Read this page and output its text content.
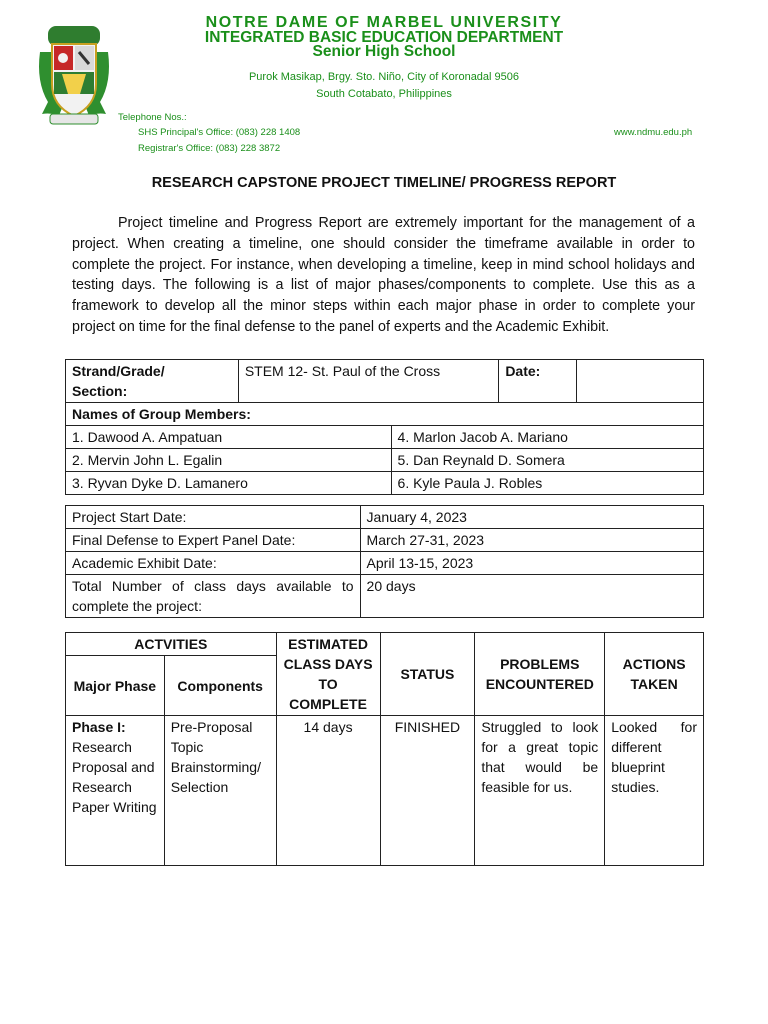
NOTRE DAME OF MARBEL UNIVERSITY
INTEGRATED BASIC EDUCATION DEPARTMENT
Senior High School
Purok Masikap, Brgy. Sto. Niño, City of Koronadal 9506
South Cotabato, Philippines
Telephone Nos.:
SHS Principal's Office: (083) 228 1408
Registrar's Office: (083) 228 3872
www.ndmu.edu.ph
RESEARCH CAPSTONE PROJECT TIMELINE/ PROGRESS REPORT

Project timeline and Progress Report are extremely important for the management of a project. When creating a timeline, one should consider the timeframe available in order to complete the project. For instance, when developing a timeline, keep in mind school holidays and testing days. The following is a list of major phases/components to complete. Use this as a framework to develop all the minor steps within each major phase in order to complete your project on time for the final defense to the panel of experts and the Academic Exhibit.

Strand/Grade/
Section:	STEM 12- St. Paul of the Cross		Date:	
Names of Group Members:				
1. Dawood A. Ampatuan		4. Marlon Jacob A. Mariano		
2. Mervin John L. Egalin		5. Dan Reynald D. Somera		
3. Ryvan Dyke D. Lamanero		6. Kyle Paula J. Robles		
Project Start Date:	January 4, 2023
Final Defense to Expert Panel Date:	March 27-31, 2023
Academic Exhibit Date:	April 13-15, 2023
Total Number of class days available to complete the project:	20 days
ACTVITIES		ESTIMATED CLASS DAYS TO COMPLETE	STATUS	PROBLEMS ENCOUNTERED	ACTIONS TAKEN
Major Phase	Components				
Phase I:
Research Proposal and Research Paper Writing	Pre-Proposal Topic Brainstorming/ Selection	14 days	FINISHED	Struggled to look for a great topic that would be feasible for us.	Looked for different blueprint studies.
